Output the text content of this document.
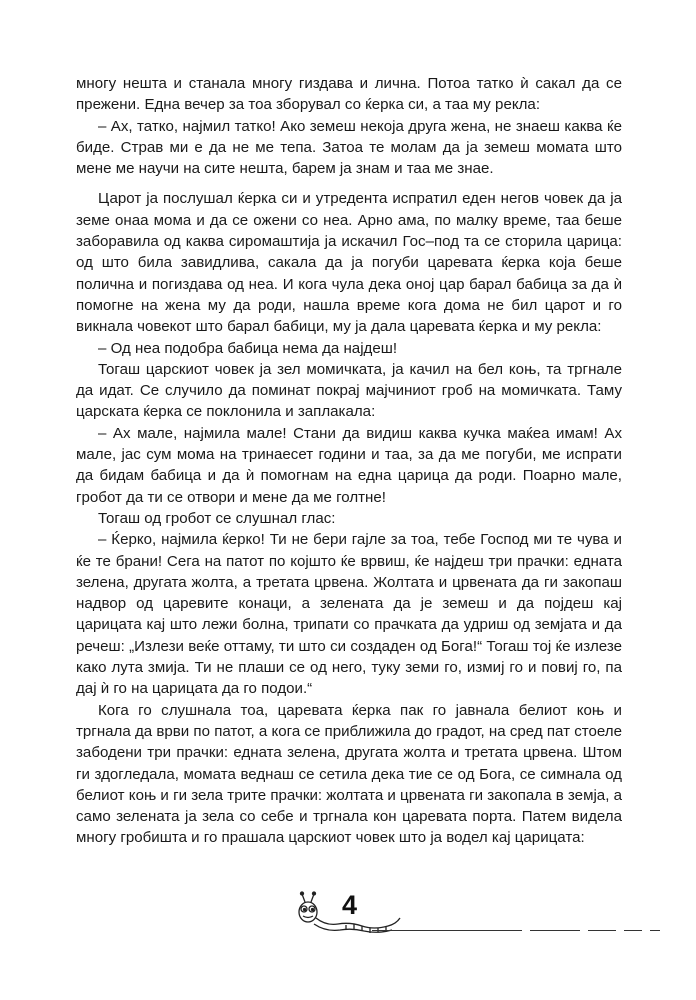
многу нешта и станала многу гиздава и лична. Потоа татко ѝ сакал да се прежени. Една вечер за тоа зборувал со ќерка си, а таа му рекла:

– Ах, татко, најмил татко! Ако земеш некоја друга жена, не знаеш каква ќе биде. Страв ми е да не ме тепа. Затоа те молам да ја земеш момата што мене ме научи на сите нешта, барем ја знам и таа ме знае.

Царот ја послушал ќерка си и утредента испратил еден негов човек да ја земе онаа мома и да се ожени со неа. Арно ама, по малку време, таа беше заборавила од каква сиромаштија ја искачил Гос–под та се сторила царица: од што била завидлива, сакала да ја погуби царевата ќерка која беше полична и погиздава од неа. И кога чула дека оној цар барал бабица за да ѝ помогне на жена му да роди, нашла време кога дома не бил царот и го викнала човекот што барал бабици, му ја дала царевата ќерка и му рекла:

– Од неа подобра бабица нема да најдеш!

Тогаш царскиот човек ја зел момичката, ја качил на бел коњ, та тргнале да идат. Се случило да поминат покрај мајчиниот гроб на момичката. Таму царската ќерка се поклонила и заплакала:

– Ах мале, најмила мале! Стани да видиш каква кучка маќеа имам! Ах мале, јас сум мома на тринаесет години и таа, за да ме погуби, ме испрати да бидам бабица и да ѝ помогнам на една царица да роди. Поарно мале, гробот да ти се отвори и мене да ме голтне!

Тогаш од гробот се слушнал глас:

– Ќерко, најмила ќерко! Ти не бери гајле за тоа, тебе Господ ми те чува и ќе те брани! Сега на патот по којшто ќе врвиш, ќе најдеш три прачки: едната зелена, другата жолта, а третата црвена. Жолтата и црвената да ги закопаш надвор од царевите конаци, а зелената да је земеш и да појдеш кај царицата кај што лежи болна, трипати со прачката да удриш од земјата и да речеш: „Излези веќе оттаму, ти што си создаден од Бога!“ Тогаш тој ќе излезе како лута змија. Ти не плаши се од него, туку земи го, измиј го и повиј го, па дај ѝ го на царицата да го подои.“

Кога го слушнала тоа, царевата ќерка пак го јавнала белиот коњ и тргнала да врви по патот, а кога се приближила до градот, на сред пат стоеле забодени три прачки: едната зелена, другата жолта и третата црвена. Штом ги здогледала, момата веднаш се сетила дека тие се од Бога, се симнала од белиот коњ и ги зела трите прачки: жолтата и црвената ги закопала в земја, а само зелената ја зела со себе и тргнала кон царевата порта. Патем видела многу гробишта и го прашала царскиот човек што ја водел кај царицата:

4
